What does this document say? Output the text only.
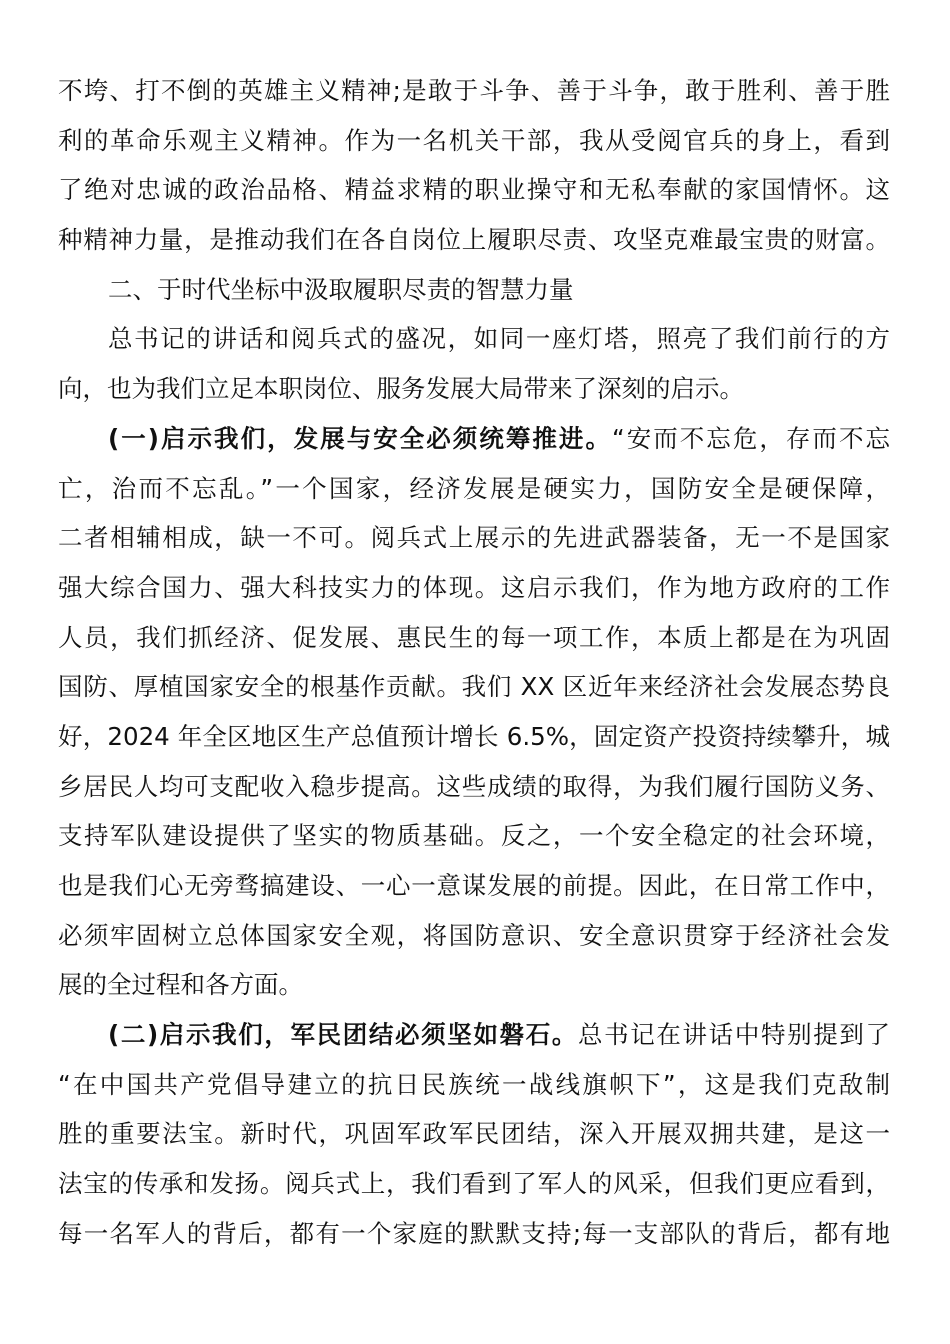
不垮、打不倒的英雄主义精神;是敢于斗争、善于斗争，敢于胜利、善于胜
利的革命乐观主义精神。作为一名机关干部，我从受阅官兵的身上，看到
了绝对忠诚的政治品格、精益求精的职业操守和无私奉献的家国情怀。这
种精神力量，是推动我们在各自岗位上履职尽责、攻坚克难最宝贵的财富。
二、于时代坐标中汲取履职尽责的智慧力量
总书记的讲话和阅兵式的盛况，如同一座灯塔，照亮了我们前行的方
向，也为我们立足本职岗位、服务发展大局带来了深刻的启示。
(一)启示我们，发展与安全必须统筹推进。“安而不忘危，存而不忘
亡，治而不忘乱。”一个国家，经济发展是硬实力，国防安全是硬保障，
二者相辅相成，缺一不可。阅兵式上展示的先进武器装备，无一不是国家
强大综合国力、强大科技实力的体现。这启示我们，作为地方政府的工作
人员，我们抓经济、促发展、惠民生的每一项工作，本质上都是在为巩固
国防、厚植国家安全的根基作贡献。我们 XX 区近年来经济社会发展态势良
好，2024 年全区地区生产总值预计增长 6.5%，固定资产投资持续攀升，城
乡居民人均可支配收入稳步提高。这些成绩的取得，为我们履行国防义务、
支持军队建设提供了坚实的物质基础。反之，一个安全稳定的社会环境，
也是我们心无旁骛搞建设、一心一意谋发展的前提。因此，在日常工作中，
必须牢固树立总体国家安全观，将国防意识、安全意识贯穿于经济社会发
展的全过程和各方面。
(二)启示我们，军民团结必须坚如磐石。总书记在讲话中特别提到了
“在中国共产党倡导建立的抗日民族统一战线旗帜下”，这是我们克敌制
胜的重要法宝。新时代，巩固军政军民团结，深入开展双拥共建，是这一
法宝的传承和发扬。阅兵式上，我们看到了军人的风采，但我们更应看到，
每一名军人的背后，都有一个家庭的默默支持;每一支部队的背后，都有地
